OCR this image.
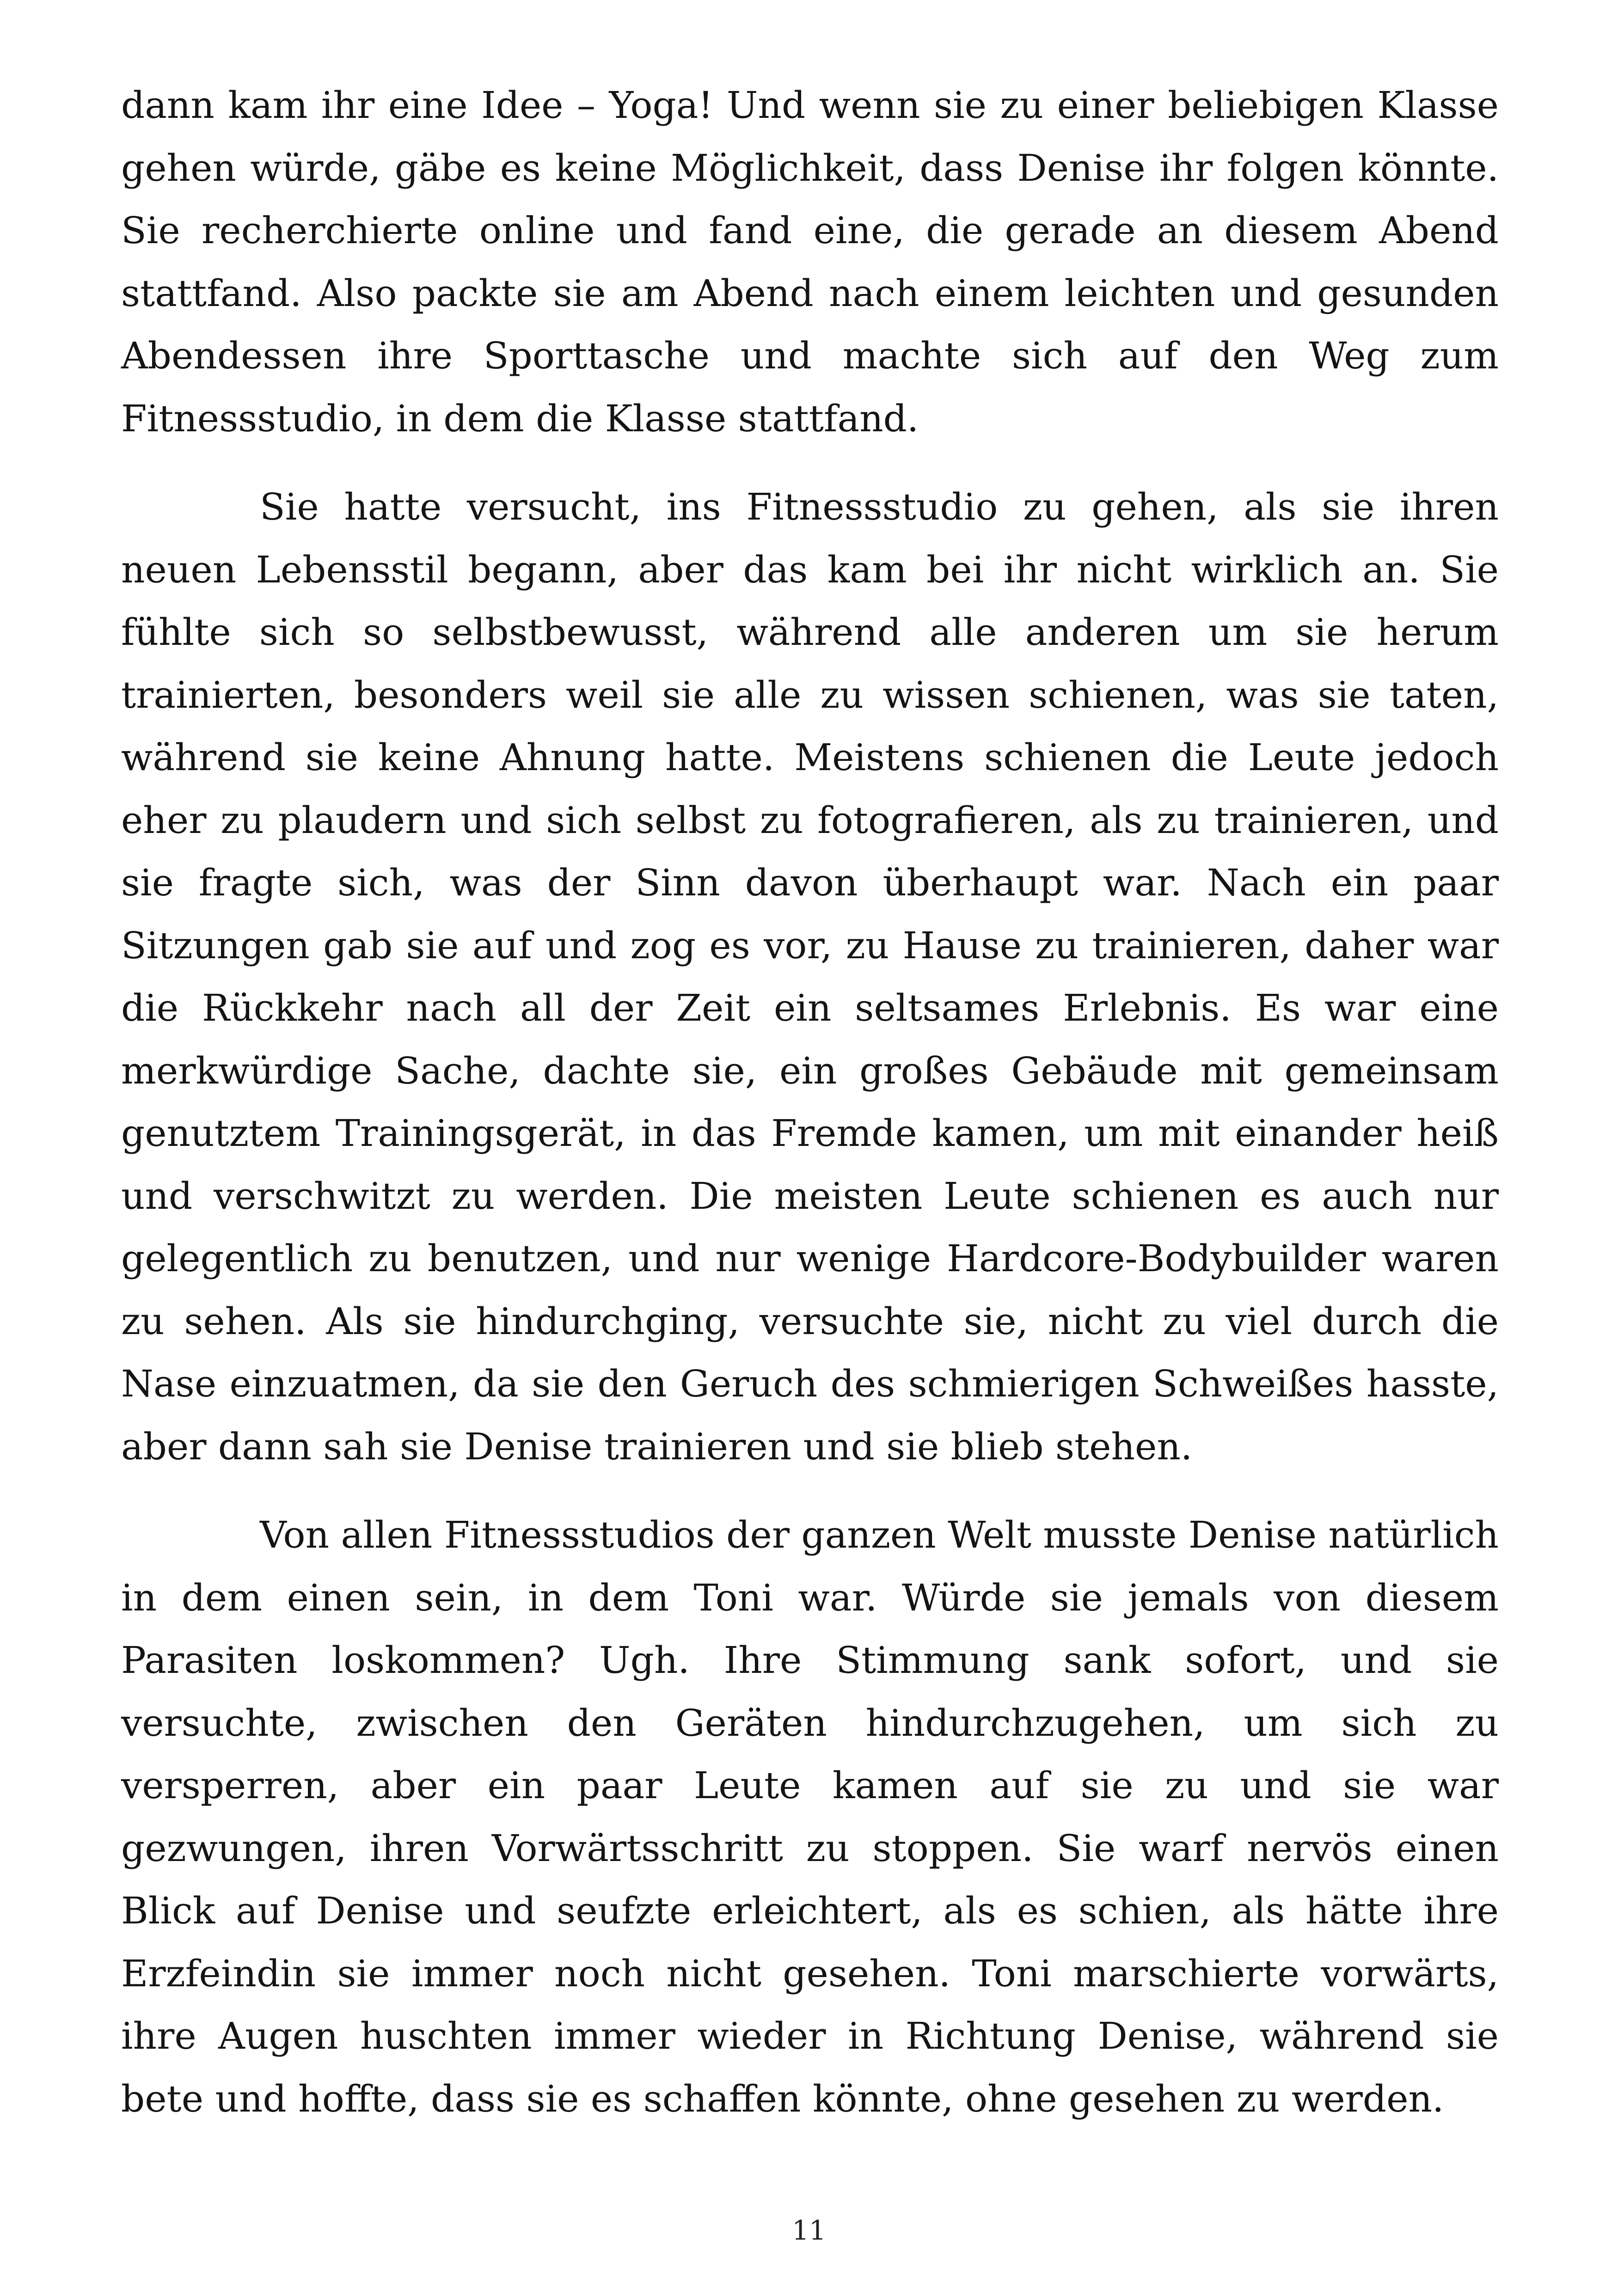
dann kam ihr eine Idee – Yoga! Und wenn sie zu einer beliebigen Klasse gehen würde, gäbe es keine Möglichkeit, dass Denise ihr folgen könnte. Sie recherchierte online und fand eine, die gerade an diesem Abend stattfand. Also packte sie am Abend nach einem leichten und gesunden Abendessen ihre Sporttasche und machte sich auf den Weg zum Fitnessstudio, in dem die Klasse stattfand.

Sie hatte versucht, ins Fitnessstudio zu gehen, als sie ihren neuen Lebensstil begann, aber das kam bei ihr nicht wirklich an. Sie fühlte sich so selbstbewusst, während alle anderen um sie herum trainierten, besonders weil sie alle zu wissen schienen, was sie taten, während sie keine Ahnung hatte. Meistens schienen die Leute jedoch eher zu plaudern und sich selbst zu fotografieren, als zu trainieren, und sie fragte sich, was der Sinn davon überhaupt war. Nach ein paar Sitzungen gab sie auf und zog es vor, zu Hause zu trainieren, daher war die Rückkehr nach all der Zeit ein seltsames Erlebnis. Es war eine merkwürdige Sache, dachte sie, ein großes Gebäude mit gemeinsam genutztem Trainingsgerät, in das Fremde kamen, um mit einander heiß und verschwitzt zu werden. Die meisten Leute schienen es auch nur gelegentlich zu benutzen, und nur wenige Hardcore-Bodybuilder waren zu sehen. Als sie hindurchging, versuchte sie, nicht zu viel durch die Nase einzuatmen, da sie den Geruch des schmierigen Schweißes hasste, aber dann sah sie Denise trainieren und sie blieb stehen.

Von allen Fitnessstudios der ganzen Welt musste Denise natürlich in dem einen sein, in dem Toni war. Würde sie jemals von diesem Parasiten loskommen? Ugh. Ihre Stimmung sank sofort, und sie versuchte, zwischen den Geräten hindurchzugehen, um sich zu versperren, aber ein paar Leute kamen auf sie zu und sie war gezwungen, ihren Vorwärtsschritt zu stoppen. Sie warf nervös einen Blick auf Denise und seufzte erleichtert, als es schien, als hätte ihre Erzfeindin sie immer noch nicht gesehen. Toni marschierte vorwärts, ihre Augen huschten immer wieder in Richtung Denise, während sie bete und hoffte, dass sie es schaffen könnte, ohne gesehen zu werden.

11
